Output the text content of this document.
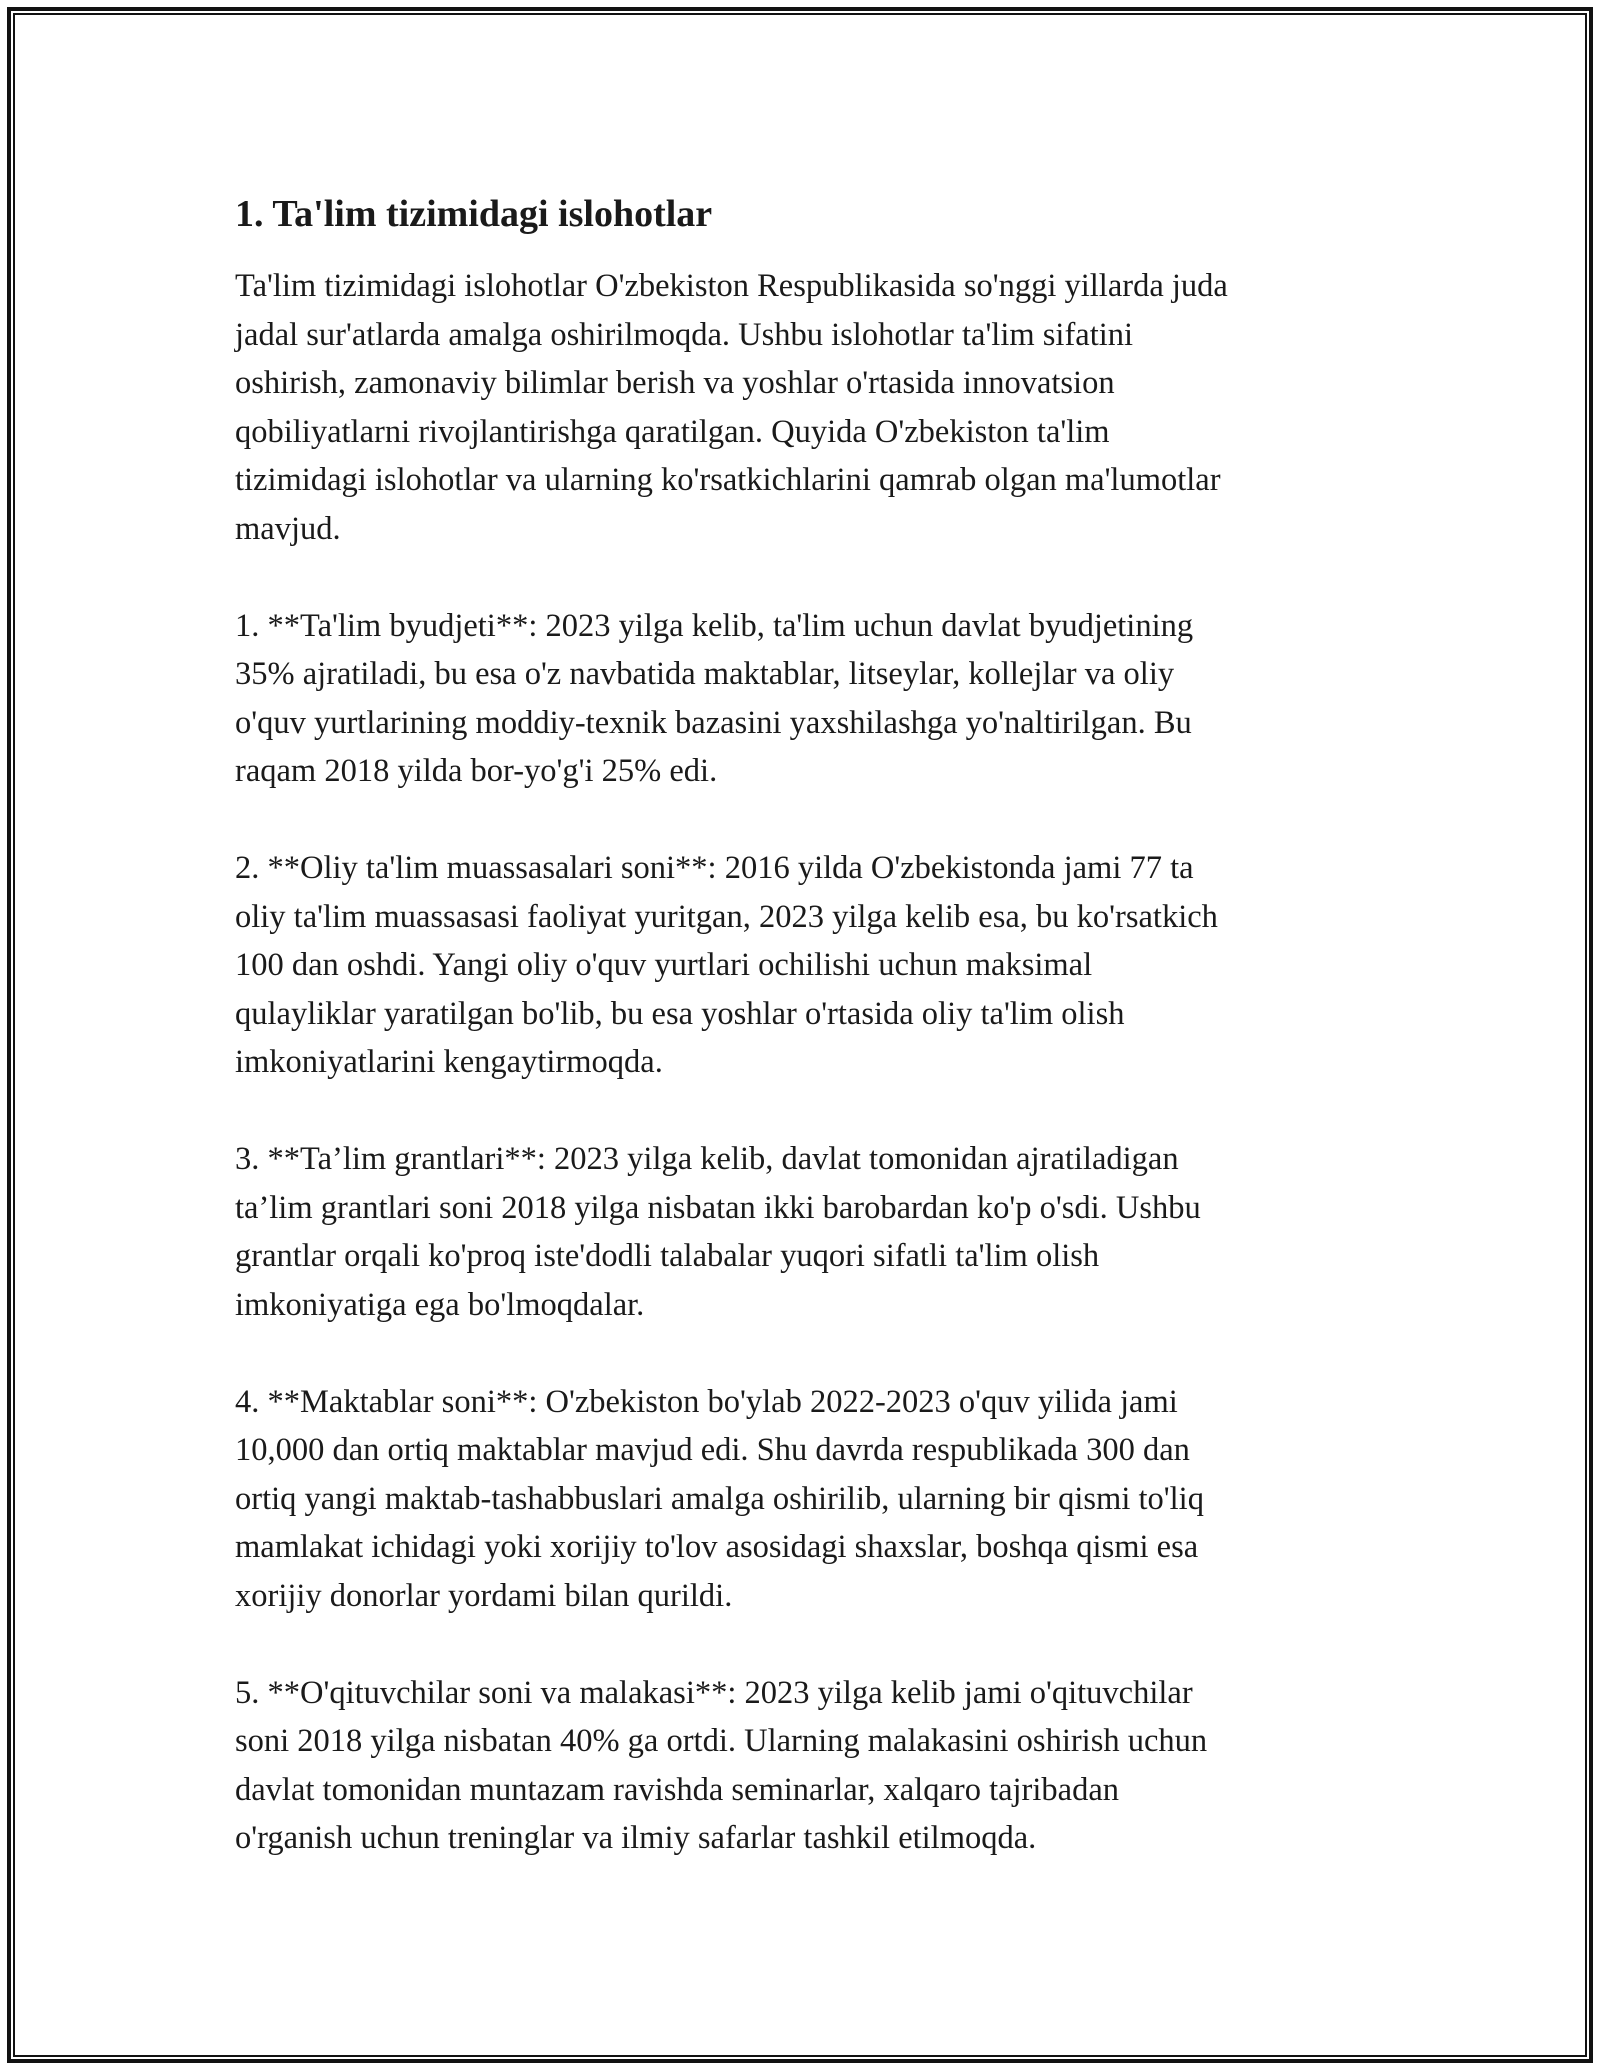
1. Ta'lim tizimidagi islohotlar

Ta'lim tizimidagi islohotlar O'zbekiston Respublikasida so'nggi yillarda juda
jadal sur'atlarda amalga oshirilmoqda. Ushbu islohotlar ta'lim sifatini
oshirish, zamonaviy bilimlar berish va yoshlar o'rtasida innovatsion
qobiliyatlarni rivojlantirishga qaratilgan. Quyida O'zbekiston ta'lim
tizimidagi islohotlar va ularning ko'rsatkichlarini qamrab olgan ma'lumotlar
mavjud.

1. **Ta'lim byudjeti**: 2023 yilga kelib, ta'lim uchun davlat byudjetining
35% ajratiladi, bu esa o'z navbatida maktablar, litseylar, kollejlar va oliy
o'quv yurtlarining moddiy-texnik bazasini yaxshilashga yo'naltirilgan. Bu
raqam 2018 yilda bor-yo'g'i 25% edi.

2. **Oliy ta'lim muassasalari soni**: 2016 yilda O'zbekistonda jami 77 ta
oliy ta'lim muassasasi faoliyat yuritgan, 2023 yilga kelib esa, bu ko'rsatkich
100 dan oshdi. Yangi oliy o'quv yurtlari ochilishi uchun maksimal
qulayliklar yaratilgan bo'lib, bu esa yoshlar o'rtasida oliy ta'lim olish
imkoniyatlarini kengaytirmoqda.

3. **Ta’lim grantlari**: 2023 yilga kelib, davlat tomonidan ajratiladigan
ta’lim grantlari soni 2018 yilga nisbatan ikki barobardan ko'p o'sdi. Ushbu
grantlar orqali ko'proq iste'dodli talabalar yuqori sifatli ta'lim olish
imkoniyatiga ega bo'lmoqdalar.

4. **Maktablar soni**: O'zbekiston bo'ylab 2022-2023 o'quv yilida jami
10,000 dan ortiq maktablar mavjud edi. Shu davrda respublikada 300 dan
ortiq yangi maktab-tashabbuslari amalga oshirilib, ularning bir qismi to'liq
mamlakat ichidagi yoki xorijiy to'lov asosidagi shaxslar, boshqa qismi esa
xorijiy donorlar yordami bilan qurildi.

5. **O'qituvchilar soni va malakasi**: 2023 yilga kelib jami o'qituvchilar
soni 2018 yilga nisbatan 40% ga ortdi. Ularning malakasini oshirish uchun
davlat tomonidan muntazam ravishda seminarlar, xalqaro tajribadan
o'rganish uchun treninglar va ilmiy safarlar tashkil etilmoqda.
